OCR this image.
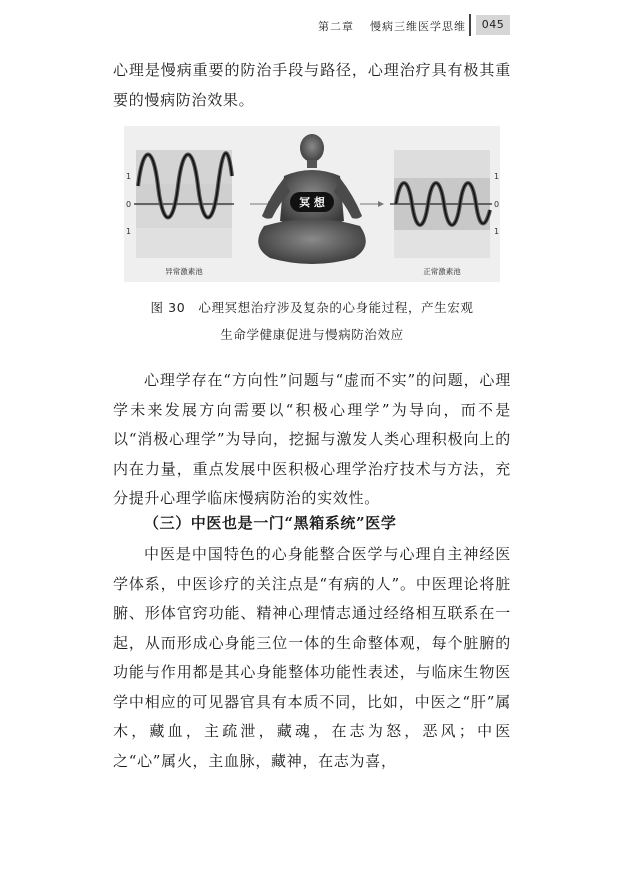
第二章 慢病三维医学思维	045

心理是慢病重要的防治手段与路径，心理治疗具有极其重要的慢病防治效果。

1
0
1
异常激素池
冥 想
1
0
1
正常激素池
图 30　心理冥想治疗涉及复杂的心身能过程，产生宏观
生命学健康促进与慢病防治效应

心理学存在“方向性”问题与“虚而不实”的问题，心理学未来发展方向需要以“积极心理学”为导向，而不是以“消极心理学”为导向，挖掘与激发人类心理积极向上的内在力量，重点发展中医积极心理学治疗技术与方法，充分提升心理学临床慢病防治的实效性。

（三）中医也是一门“黑箱系统”医学

中医是中国特色的心身能整合医学与心理自主神经医学体系，中医诊疗的关注点是“有病的人”。中医理论将脏腑、形体官窍功能、精神心理情志通过经络相互联系在一起，从而形成心身能三位一体的生命整体观，每个脏腑的功能与作用都是其心身能整体功能性表述，与临床生物医学中相应的可见器官具有本质不同，比如，中医之“肝”属木，藏血，主疏泄，藏魂，在志为怒，恶风；中医之“心”属火，主血脉，藏神，在志为喜，
